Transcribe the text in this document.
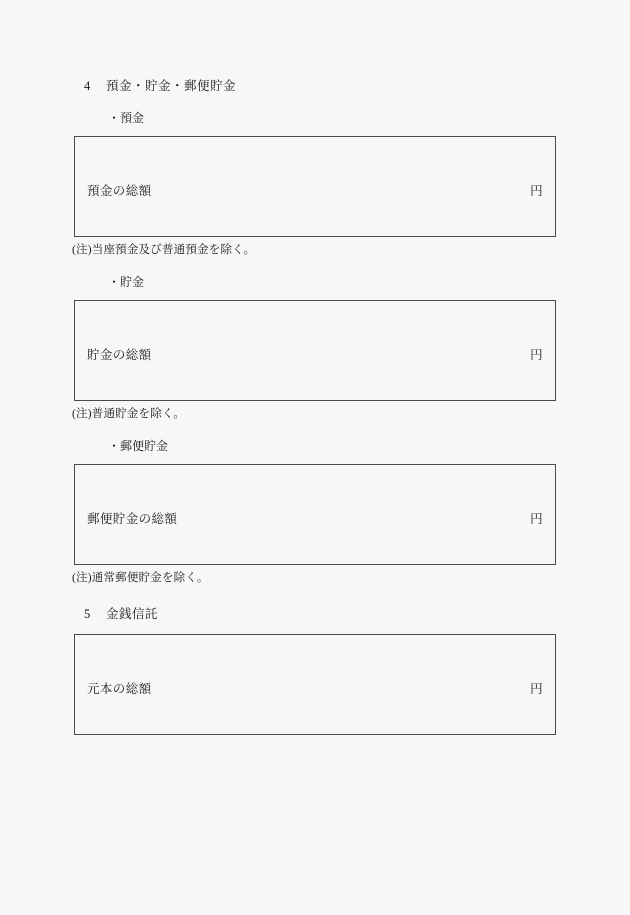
4 預金・貯金・郵便貯金
・預金
預金の総額	円
(注)当座預金及び普通預金を除く。
・貯金
貯金の総額	円
(注)普通貯金を除く。
・郵便貯金
郵便貯金の総額	円
(注)通常郵便貯金を除く。
5 金銭信託
元本の総額	円
